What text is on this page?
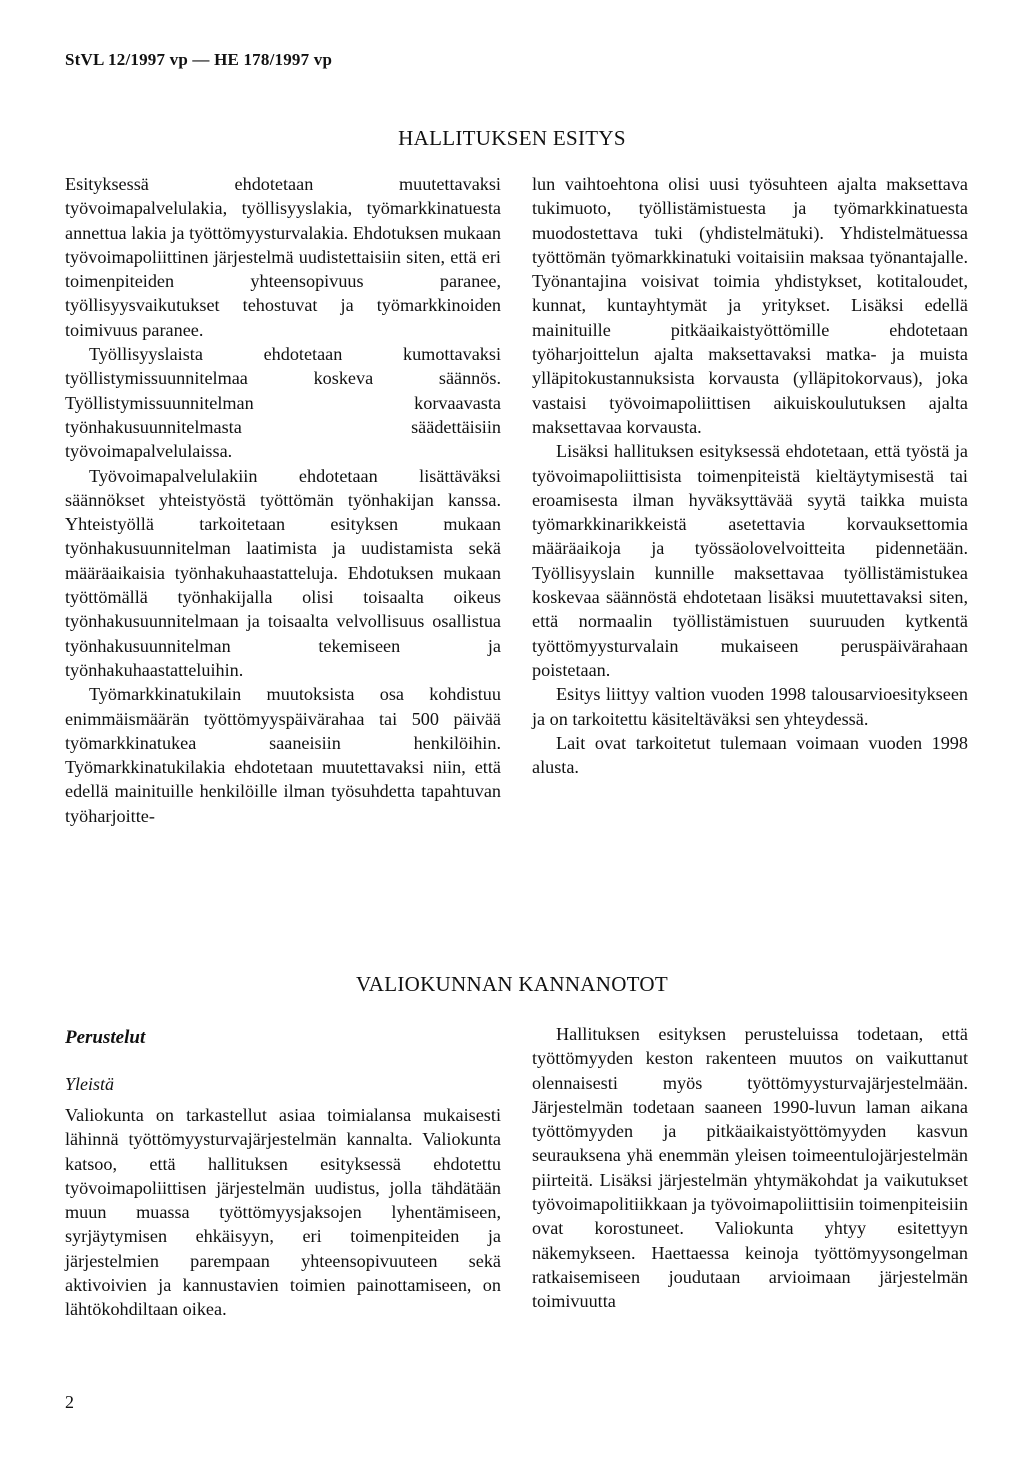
StVL 12/1997 vp — HE 178/1997 vp
HALLITUKSEN ESITYS

Esityksessä ehdotetaan muutettavaksi työvoimapalvelulakia, työllisyyslakia, työmarkkinatuesta annettua lakia ja työttömyysturvalakia. Ehdotuksen mukaan työvoimapoliittinen järjestelmä uudistettaisiin siten, että eri toimenpiteiden yhteensopivuus paranee, työllisyysvaikutukset tehostuvat ja työmarkkinoiden toimivuus paranee.

Työllisyyslaista ehdotetaan kumottavaksi työllistymissuunnitelmaa koskeva säännös. Työllistymissuunnitelman korvaavasta työnhakusuunnitelmasta säädettäisiin työvoimapalvelulaissa.

Työvoimapalvelulakiin ehdotetaan lisättäväksi säännökset yhteistyöstä työttömän työnhakijan kanssa. Yhteistyöllä tarkoitetaan esityksen mukaan työnhakusuunnitelman laatimista ja uudistamista sekä määräaikaisia työnhakuhaastatteluja. Ehdotuksen mukaan työttömällä työnhakijalla olisi toisaalta oikeus työnhakusuunnitelmaan ja toisaalta velvollisuus osallistua työnhakusuunnitelman tekemiseen ja työnhakuhaastatteluihin.

Työmarkkinatukilain muutoksista osa kohdistuu enimmäismäärän työttömyyspäivärahaa tai 500 päivää työmarkkinatukea saaneisiin henkilöihin. Työmarkkinatukilakia ehdotetaan muutettavaksi niin, että edellä mainituille henkilöille ilman työsuhdetta tapahtuvan työharjoitte-

lun vaihtoehtona olisi uusi työsuhteen ajalta maksettava tukimuoto, työllistämistuesta ja työmarkkinatuesta muodostettava tuki (yhdistelmätuki). Yhdistelmätuessa työttömän työmarkkinatuki voitaisiin maksaa työnantajalle. Työnantajina voisivat toimia yhdistykset, kotitaloudet, kunnat, kuntayhtymät ja yritykset. Lisäksi edellä mainituille pitkäaikaistyöttömille ehdotetaan työharjoittelun ajalta maksettavaksi matka- ja muista ylläpitokustannuksista korvausta (ylläpitokorvaus), joka vastaisi työvoimapoliittisen aikuiskoulutuksen ajalta maksettavaa korvausta.

Lisäksi hallituksen esityksessä ehdotetaan, että työstä ja työvoimapoliittisista toimenpiteistä kieltäytymisestä tai eroamisesta ilman hyväksyttävää syytä taikka muista työmarkkinarikkeistä asetettavia korvauksettomia määräaikoja ja työssäolovelvoitteita pidennetään. Työllisyyslain kunnille maksettavaa työllistämistukea koskevaa säännöstä ehdotetaan lisäksi muutettavaksi siten, että normaalin työllistämistuen suuruuden kytkentä työttömyysturvalain mukaiseen peruspäivärahaan poistetaan.

Esitys liittyy valtion vuoden 1998 talousarvioesitykseen ja on tarkoitettu käsiteltäväksi sen yhteydessä.

Lait ovat tarkoitetut tulemaan voimaan vuoden 1998 alusta.

VALIOKUNNAN KANNANOTOT
Perustelut
Yleistä

Valiokunta on tarkastellut asiaa toimialansa mukaisesti lähinnä työttömyysturvajärjestelmän kannalta. Valiokunta katsoo, että hallituksen esityksessä ehdotettu työvoimapoliittisen järjestelmän uudistus, jolla tähdätään muun muassa työttömyysjaksojen lyhentämiseen, syrjäytymisen ehkäisyyn, eri toimenpiteiden ja järjestelmien parempaan yhteensopivuuteen sekä aktivoivien ja kannustavien toimien painottamiseen, on lähtökohdiltaan oikea.

Hallituksen esityksen perusteluissa todetaan, että työttömyyden keston rakenteen muutos on vaikuttanut olennaisesti myös työttömyysturvajärjestelmään. Järjestelmän todetaan saaneen 1990-luvun laman aikana työttömyyden ja pitkäaikaistyöttömyyden kasvun seurauksena yhä enemmän yleisen toimeentulojärjestelmän piirteitä. Lisäksi järjestelmän yhtymäkohdat ja vaikutukset työvoimapolitiikkaan ja työvoimapoliittisiin toimenpiteisiin ovat korostuneet. Valiokunta yhtyy esitettyyn näkemykseen. Haettaessa keinoja työttömyysongelman ratkaisemiseen joudutaan arvioimaan järjestelmän toimivuutta

2
